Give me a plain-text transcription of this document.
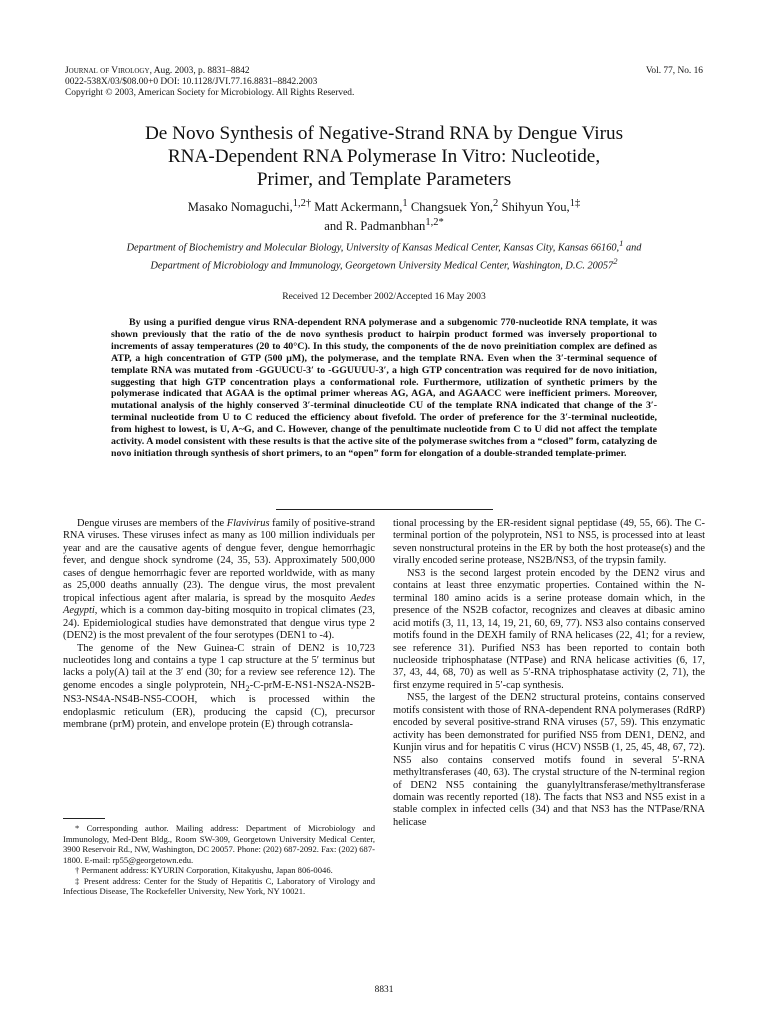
Journal of Virology, Aug. 2003, p. 8831–8842
0022-538X/03/$08.00+0 DOI: 10.1128/JVI.77.16.8831–8842.2003
Copyright © 2003, American Society for Microbiology. All Rights Reserved.
Vol. 77, No. 16
De Novo Synthesis of Negative-Strand RNA by Dengue Virus
RNA-Dependent RNA Polymerase In Vitro: Nucleotide,
Primer, and Template Parameters
Masako Nomaguchi,$^{1,2\dagger}$ Matt Ackermann,$^1$ Changsuek Yon,$^2$ Shihyun You,$^{1\ddagger}$
and R. Padmanbhan$^{1,2*}$
Department of Biochemistry and Molecular Biology, University of Kansas Medical Center, Kansas City, Kansas 66160,$^1$ and Department of Microbiology and Immunology, Georgetown University Medical Center, Washington, D.C. 20057$^2$
Received 12 December 2002/Accepted 16 May 2003
By using a purified dengue virus RNA-dependent RNA polymerase and a subgenomic 770-nucleotide RNA template, it was shown previously that the ratio of the de novo synthesis product to hairpin product formed was inversely proportional to increments of assay temperatures (20 to 40°C). In this study, the components of the de novo preinitiation complex are defined as ATP, a high concentration of GTP (500 μM), the polymerase, and the template RNA. Even when the 3′-terminal sequence of template RNA was mutated from -GGUUCU-3′ to -GGUUUU-3′, a high GTP concentration was required for de novo initiation, suggesting that high GTP concentration plays a conformational role. Furthermore, utilization of synthetic primers by the polymerase indicated that AGAA is the optimal primer whereas AG, AGA, and AGAACC were inefficient primers. Moreover, mutational analysis of the highly conserved 3′-terminal dinucleotide CU of the template RNA indicated that change of the 3′-terminal nucleotide from U to C reduced the efficiency about fivefold. The order of preference for the 3′-terminal nucleotide, from highest to lowest, is U, A~G, and C. However, change of the penultimate nucleotide from C to U did not affect the template activity. A model consistent with these results is that the active site of the polymerase switches from a “closed” form, catalyzing de novo initiation through synthesis of short primers, to an “open” form for elongation of a double-stranded template-primer.

Dengue viruses are members of the Flavivirus family of positive-strand RNA viruses. These viruses infect as many as 100 million individuals per year and are the causative agents of dengue fever, dengue hemorrhagic fever, and dengue shock syndrome (24, 35, 53). Approximately 500,000 cases of dengue hemorrhagic fever are reported worldwide, with as many as 25,000 deaths annually (23). The dengue virus, the most prevalent tropical infectious agent after malaria, is spread by the mosquito Aedes Aegypti, which is a common day-biting mosquito in tropical climates (23, 24). Epidemiological studies have demonstrated that dengue virus type 2 (DEN2) is the most prevalent of the four serotypes (DEN1 to -4).

The genome of the New Guinea-C strain of DEN2 is 10,723 nucleotides long and contains a type 1 cap structure at the 5′ terminus but lacks a poly(A) tail at the 3′ end (30; for a review see reference 12). The genome encodes a single polyprotein, $NH_2-C-prM-E-NS1-NS2A-NS2B-NS3-NS4A-NS4B-NS5$-COOH, which is processed within the endoplasmic reticulum (ER), producing the capsid (C), precursor membrane (prM) protein, and envelope protein (E) through cotransla-

* Corresponding author. Mailing address: Department of Microbiology and Immunology, Med-Dent Bldg., Room SW-309, Georgetown University Medical Center, 3900 Reservoir Rd., NW, Washington, DC 20057. Phone: (202) 687-2092. Fax: (202) 687-1800. E-mail: rp55@georgetown.edu.

† Permanent address: KYURIN Corporation, Kitakyushu, Japan 806-0046.

‡ Present address: Center for the Study of Hepatitis C, Laboratory of Virology and Infectious Disease, The Rockefeller University, New York, NY 10021.

tional processing by the ER-resident signal peptidase (49, 55, 66). The C-terminal portion of the polyprotein, NS1 to NS5, is processed into at least seven nonstructural proteins in the ER by both the host protease(s) and the virally encoded serine protease, NS2B/NS3, of the trypsin family.

NS3 is the second largest protein encoded by the DEN2 virus and contains at least three enzymatic properties. Contained within the N-terminal 180 amino acids is a serine protease domain which, in the presence of the NS2B cofactor, recognizes and cleaves at dibasic amino acid motifs (3, 11, 13, 14, 19, 21, 60, 69, 77). NS3 also contains conserved motifs found in the DEXH family of RNA helicases (22, 41; for a review, see reference 31). Purified NS3 has been reported to contain both nucleoside triphosphatase (NTPase) and RNA helicase activities (6, 17, 37, 43, 44, 68, 70) as well as 5′-RNA triphosphatase activity (2, 71), the first enzyme required in 5′-cap synthesis.

NS5, the largest of the DEN2 structural proteins, contains conserved motifs consistent with those of RNA-dependent RNA polymerases (RdRP) encoded by several positive-strand RNA viruses (57, 59). This enzymatic activity has been demonstrated for purified NS5 from DEN1, DEN2, and Kunjin virus and for hepatitis C virus (HCV) NS5B (1, 25, 45, 48, 67, 72). NS5 also contains conserved motifs found in several 5′-RNA methyltransferases (40, 63). The crystal structure of the N-terminal region of DEN2 NS5 containing the guanylyltransferase/methyltransferase domain was recently reported (18). The facts that NS3 and NS5 exist in a stable complex in infected cells (34) and that NS3 has the NTPase/RNA helicase

8831
